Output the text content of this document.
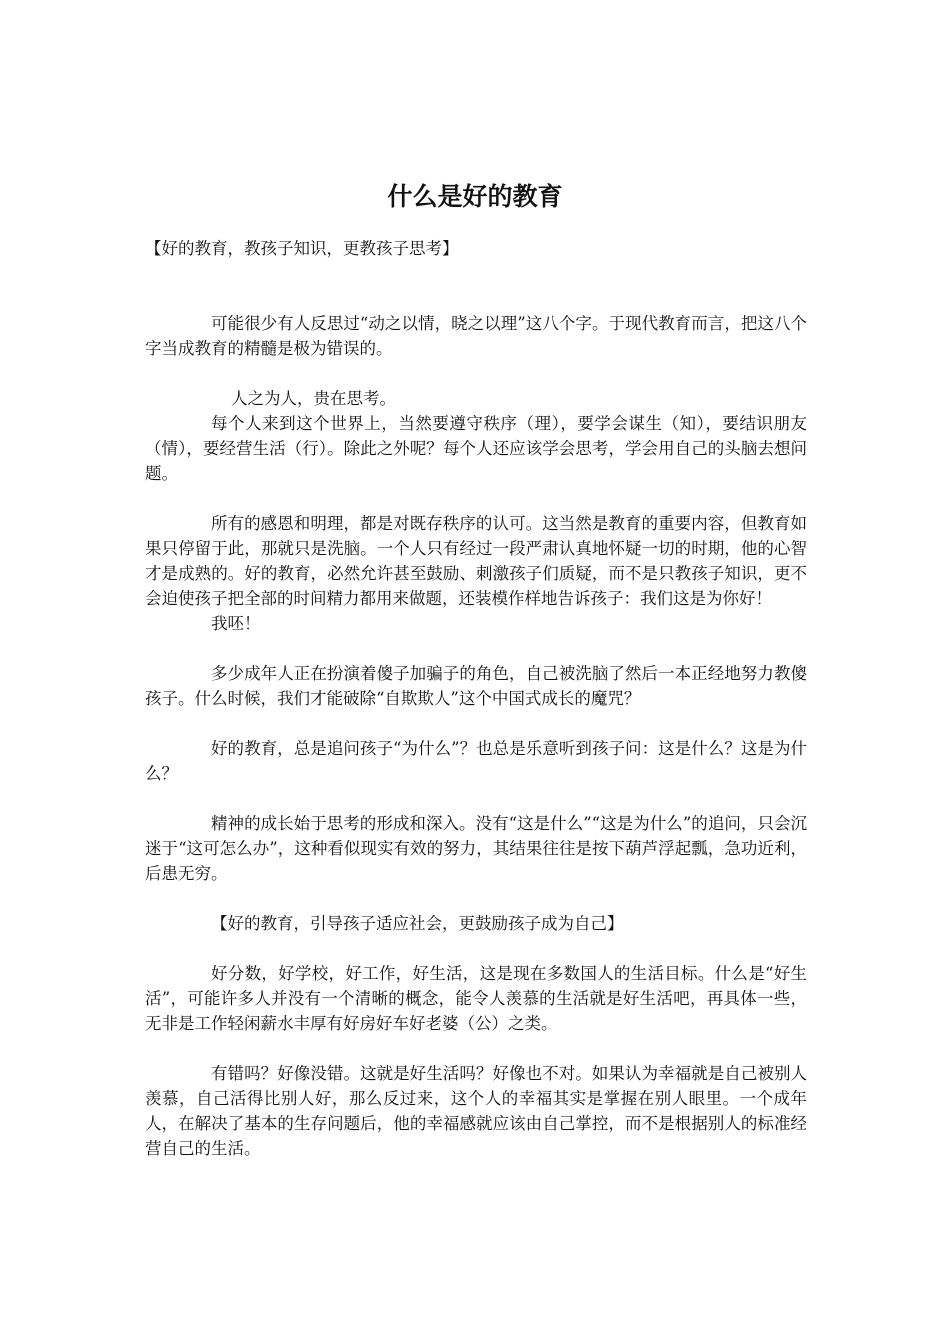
什么是好的教育

【好的教育，教孩子知识，更教孩子思考】

可能很少有人反思过“动之以情，晓之以理”这八个字。于现代教育而言，把这八个字当成教育的精髓是极为错误的。

人之为人，贵在思考。

每个人来到这个世界上，当然要遵守秩序（理），要学会谋生（知），要结识朋友（情），要经营生活（行）。除此之外呢？每个人还应该学会思考，学会用自己的头脑去想问题。

所有的感恩和明理，都是对既存秩序的认可。这当然是教育的重要内容，但教育如果只停留于此，那就只是洗脑。一个人只有经过一段严肃认真地怀疑一切的时期，他的心智才是成熟的。好的教育，必然允许甚至鼓励、刺激孩子们质疑，而不是只教孩子知识，更不会迫使孩子把全部的时间精力都用来做题，还装模作样地告诉孩子：我们这是为你好！

我呸！

多少成年人正在扮演着傻子加骗子的角色，自己被洗脑了然后一本正经地努力教傻孩子。什么时候，我们才能破除“自欺欺人”这个中国式成长的魔咒？

好的教育，总是追问孩子“为什么”？也总是乐意听到孩子问：这是什么？这是为什么？

精神的成长始于思考的形成和深入。没有“这是什么”“这是为什么”的追问，只会沉迷于“这可怎么办”，这种看似现实有效的努力，其结果往往是按下葫芦浮起瓢，急功近利，后患无穷。

【好的教育，引导孩子适应社会，更鼓励孩子成为自己】

好分数，好学校，好工作，好生活，这是现在多数国人的生活目标。什么是“好生活”，可能许多人并没有一个清晰的概念，能令人羡慕的生活就是好生活吧，再具体一些，无非是工作轻闲薪水丰厚有好房好车好老婆（公）之类。

有错吗？好像没错。这就是好生活吗？好像也不对。如果认为幸福就是自己被别人羡慕，自己活得比别人好，那么反过来，这个人的幸福其实是掌握在别人眼里。一个成年人，在解决了基本的生存问题后，他的幸福感就应该由自己掌控，而不是根据别人的标准经营自己的生活。
